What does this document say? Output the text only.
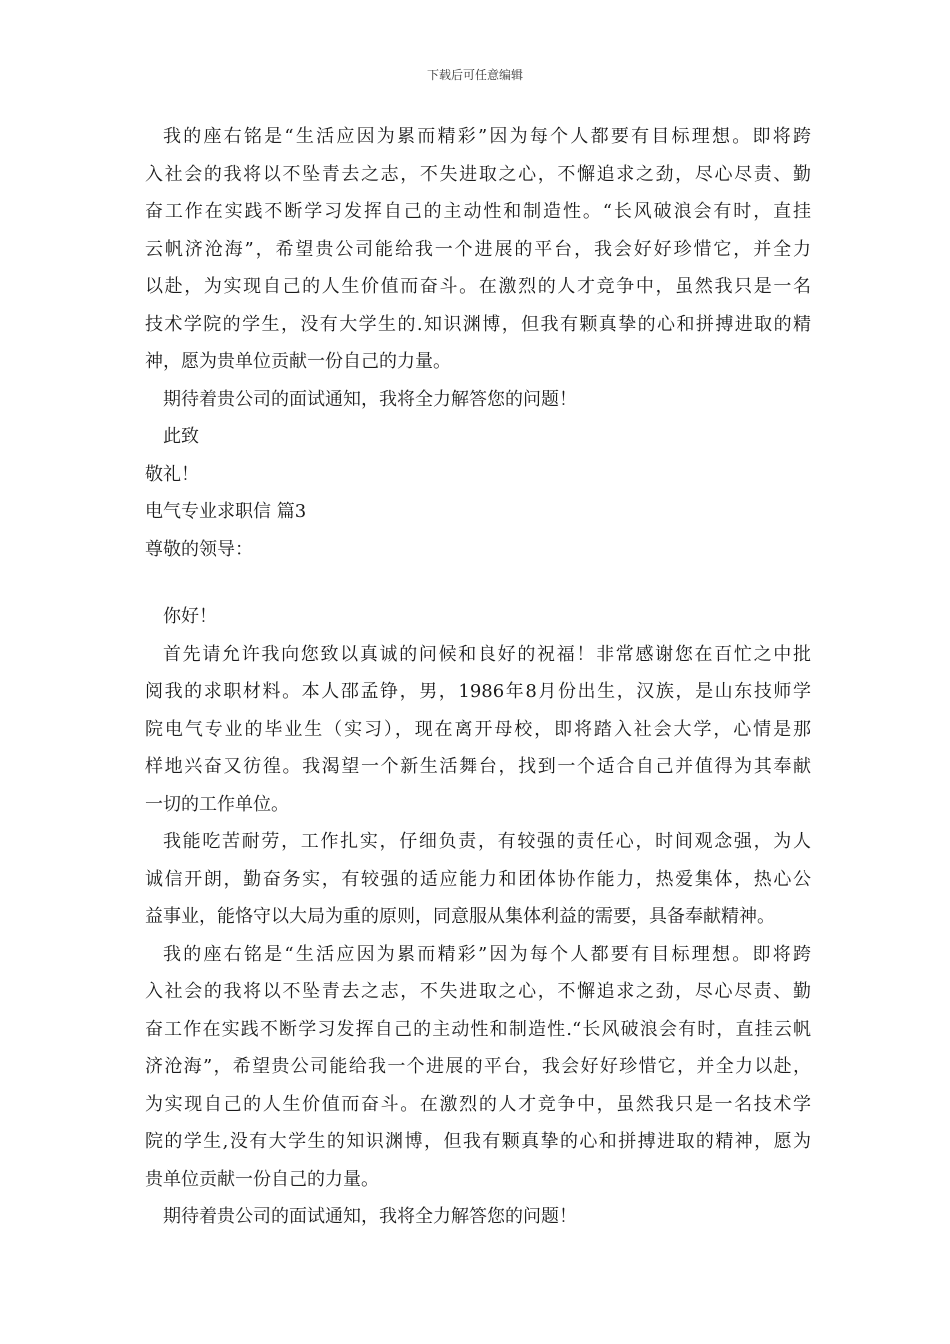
下载后可任意编辑
我的座右铭是“生活应因为累而精彩”因为每个人都要有目标理想。即将跨
入社会的我将以不坠青去之志，不失进取之心，不懈追求之劲，尽心尽责、勤
奋工作在实践不断学习发挥自己的主动性和制造性。“长风破浪会有时，直挂
云帆济沧海”，希望贵公司能给我一个进展的平台，我会好好珍惜它，并全力
以赴，为实现自己的人生价值而奋斗。在激烈的人才竞争中，虽然我只是一名
技术学院的学生，没有大学生的.知识渊博，但我有颗真挚的心和拼搏进取的精
神，愿为贵单位贡献一份自己的力量。
期待着贵公司的面试通知，我将全力解答您的问题！
此致
敬礼！
电气专业求职信 篇3
尊敬的领导：
你好！
首先请允许我向您致以真诚的问候和良好的祝福！非常感谢您在百忙之中批
阅我的求职材料。本人邵孟铮，男，1986年8月份出生，汉族，是山东技师学
院电气专业的毕业生（实习），现在离开母校，即将踏入社会大学，心情是那
样地兴奋又彷徨。我渴望一个新生活舞台，找到一个适合自己并值得为其奉献
一切的工作单位。
我能吃苦耐劳，工作扎实，仔细负责，有较强的责任心，时间观念强，为人
诚信开朗，勤奋务实，有较强的适应能力和团体协作能力，热爱集体，热心公
益事业，能恪守以大局为重的原则，同意服从集体利益的需要，具备奉献精神。
我的座右铭是“生活应因为累而精彩”因为每个人都要有目标理想。即将跨
入社会的我将以不坠青去之志，不失进取之心，不懈追求之劲，尽心尽责、勤
奋工作在实践不断学习发挥自己的主动性和制造性.“长风破浪会有时，直挂云帆
济沧海”，希望贵公司能给我一个进展的平台，我会好好珍惜它，并全力以赴，
为实现自己的人生价值而奋斗。在激烈的人才竞争中，虽然我只是一名技术学
院的学生,没有大学生的知识渊博，但我有颗真挚的心和拼搏进取的精神，愿为
贵单位贡献一份自己的力量。
期待着贵公司的面试通知，我将全力解答您的问题！
